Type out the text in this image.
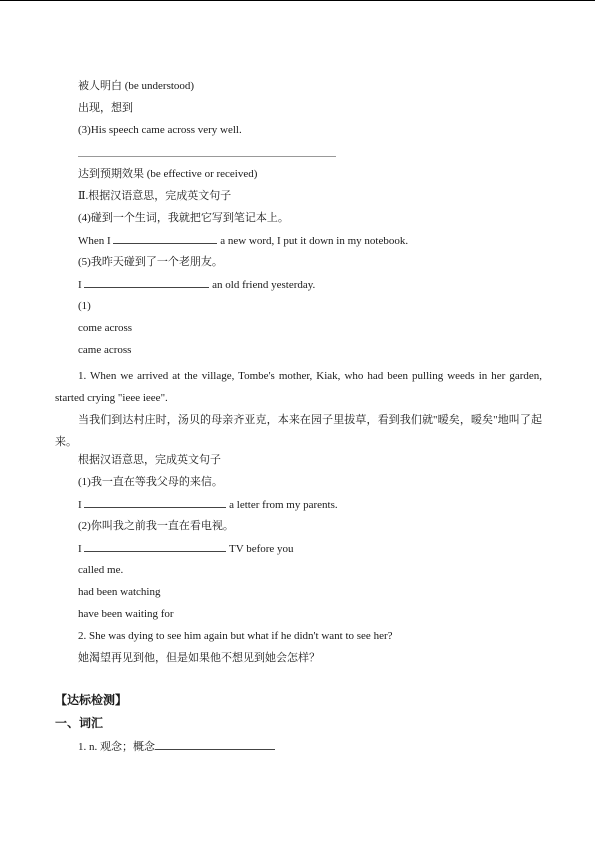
被人明白 (be understood)
出现，想到
(3)His speech came across very well.
达到预期效果 (be effective or received)
Ⅱ.根据汉语意思，完成英文句子
(4)碰到一个生词，我就把它写到笔记本上。
When I	a new word, I put it down in my notebook.
(5)我昨天碰到了一个老朋友。
I	an old friend yesterday.
(1)
come across
came across
1. When we arrived at the village, Tombe's mother, Kiak, who had been pulling weeds in her garden, started crying "ieee ieee".
当我们到达村庄时，汤贝的母亲齐亚克，本来在园子里拔草，看到我们就"暧矣，暧矣"地叫了起来。
根据汉语意思，完成英文句子
(1)我一直在等我父母的来信。
I	a letter from my parents.
(2)你叫我之前我一直在看电视。
I	TV before you
called me.
had been watching
have been waiting for
2. She was dying to see him again but what if he didn't want to see her?
她渴望再见到他，但是如果他不想见到她会怎样？
【达标检测】
一、词汇
1. n. 观念；概念
